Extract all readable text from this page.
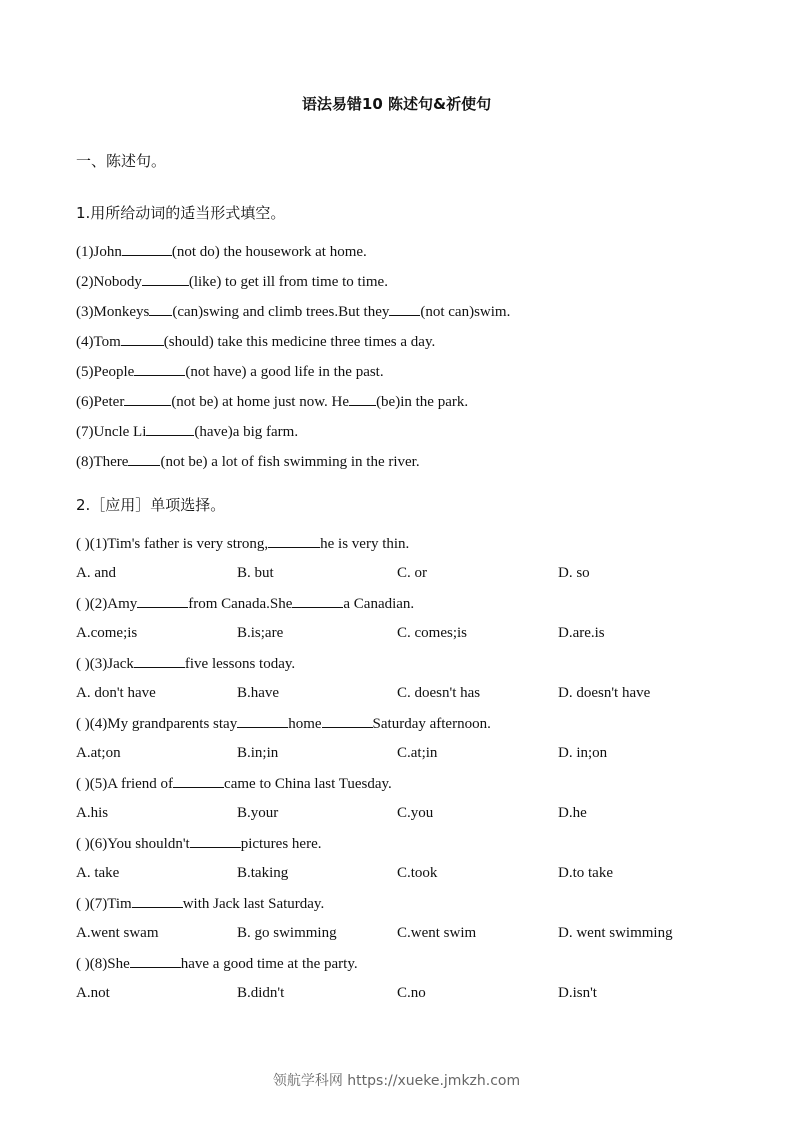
语法易错10 陈述句&祈使句
一、陈述句。
1.用所给动词的适当形式填空。
(1)John	(not do) the housework at home.
(2)Nobody	(like) to get ill from time to time.
(3)Monkeys (can)swing and climb trees.But they (not can)swim.
(4)Tom	(should) take this medicine three times a day.
(5)People	(not have) a good life in the past.
(6)Peter	(not be) at home just now. He (be)in the park.
(7)Uncle Li	(have)a big farm.
(8)There (not be) a lot of fish swimming in the river.
2.［应用］单项选择。
( )(1)Tim's father is very strong,	he is very thin.
A. and	B. but	C. or	D. so
( )(2)Amy	from Canada.She	a Canadian.
A.come;is	B.is;are	C. comes;is	D.are.is
( )(3)Jack	five lessons today.
A. don't have	B.have	C. doesn't has	D. doesn't have
( )(4)My grandparents stay	home	Saturday afternoon.
A.at;on	B.in;in	C.at;in	D. in;on
( )(5)A friend of	came to China last Tuesday.
A.his	B.your	C.you	D.he
( )(6)You shouldn't	pictures here.
A. take	B.taking	C.took	D.to take
( )(7)Tim	with Jack last Saturday.
A.went swam	B. go swimming	C.went swim	D. went swimming
( )(8)She	have a good time at the party.
A.not	B.didn't	C.no	D.isn't
领航学科网 https://xueke.jmkzh.com
